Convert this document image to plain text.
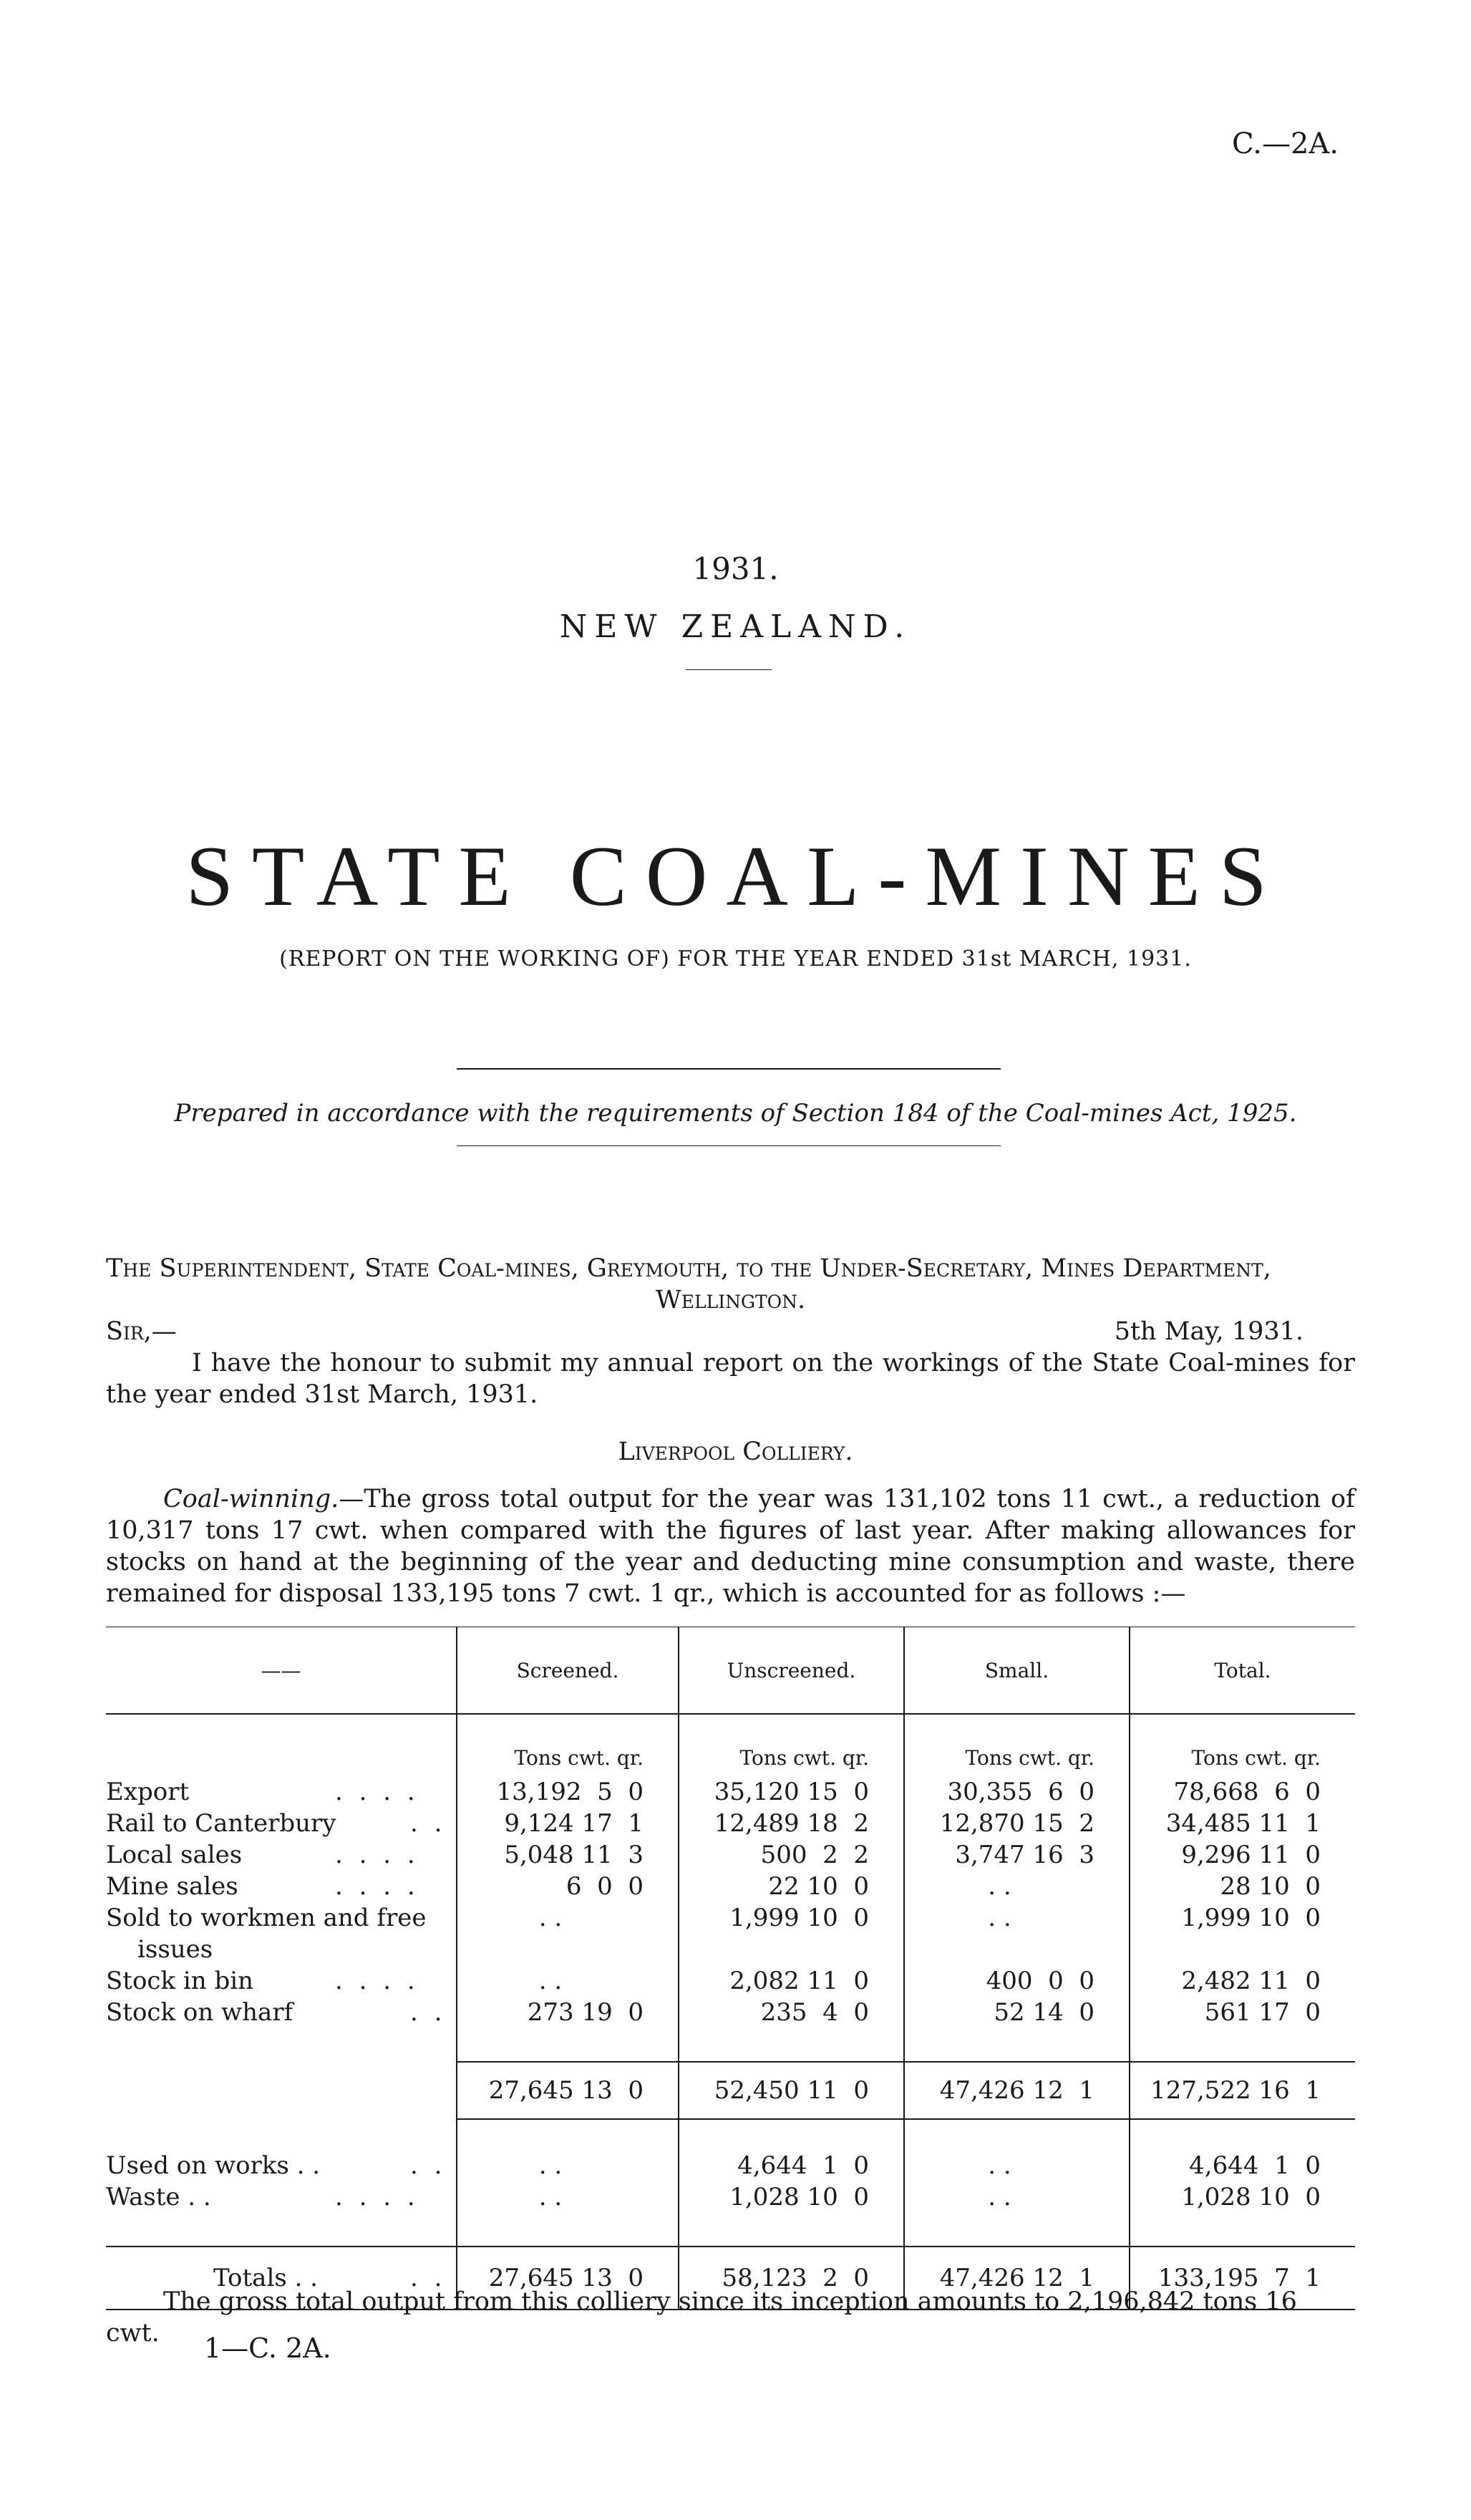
C.—2A.
1931.
NEW ZEALAND.
STATE COAL-MINES
(REPORT ON THE WORKING OF) FOR THE YEAR ENDED 31st MARCH, 1931.
Prepared in accordance with the requirements of Section 184 of the Coal-mines Act, 1925.
The Superintendent, State Coal-mines, Greymouth, to the Under-Secretary, Mines Department,
Wellington.
Sir,—	5th May, 1931.
I have the honour to submit my annual report on the workings of the State Coal-mines for the year ended 31st March, 1931.
Liverpool Colliery.
Coal-winning.—The gross total output for the year was 131,102 tons 11 cwt., a reduction of 10,317 tons 17 cwt. when compared with the figures of last year. After making allowances for stocks on hand at the beginning of the year and deducting mine consumption and waste, there remained for disposal 133,195 tons 7 cwt. 1 qr., which is accounted for as follows :—
——	Screened.	Unscreened.	Small.	Total.

	Tons cwt. qr.	Tons cwt. qr.	Tons cwt. qr.	Tons cwt. qr.
Export . . . .	13,192  5  0	35,120 15  0	30,355  6  0	78,668  6  0
Rail to Canterbury . .	9,124 17  1	12,489 18  2	12,870 15  2	34,485 11  1
Local sales . . . .	5,048 11  3	500  2  2	3,747 16  3	9,296 11  0
Mine sales . . . .	6  0  0	22 10  0	. .	28 10  0
Sold to workmen and free	. .	1,999 10  0	. .	1,999 10  0
issues				
Stock in bin . . . .	. .	2,082 11  0	400  0  0	2,482 11  0
Stock on wharf . .	273 19  0	235  4  0	52 14  0	561 17  0

	27,645 13  0	52,450 11  0	47,426 12  1	127,522 16  1

Used on works . . . .	. .	4,644  1  0	. .	4,644  1  0
Waste . . . . . .	. .	1,028 10  0	. .	1,028 10  0

Totals . . . .	27,645 13  0	58,123  2  0	47,426 12  1	133,195  7  1
The gross total output from this colliery since its inception amounts to 2,196,842 tons 16 cwt.	1—C. 2A.
